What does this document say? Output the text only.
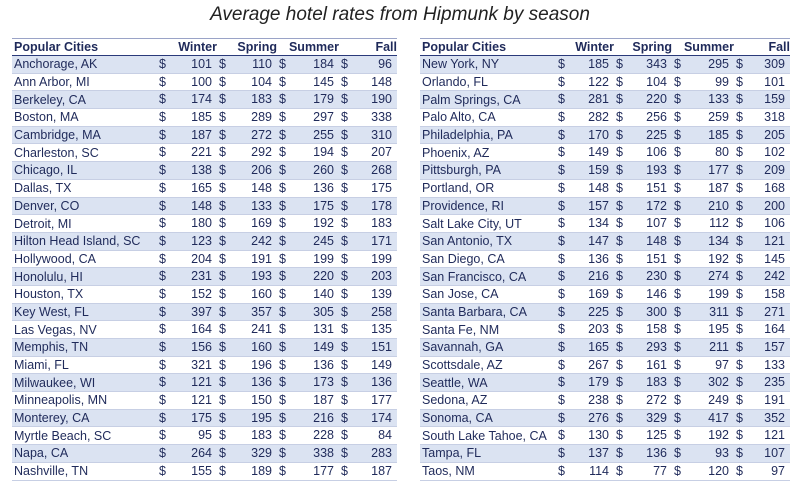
Average hotel rates from Hipmunk by season
Popular Cities	Winter	Spring	Summer	Fall
Anchorage, AK	$ 101	$ 110	$ 184	$ 96

Ann Arbor, MI	$ 100	$ 104	$ 145	$ 148

Berkeley, CA	$ 174	$ 183	$ 179	$ 190

Boston, MA	$ 185	$ 289	$ 297	$ 338

Cambridge, MA	$ 187	$ 272	$ 255	$ 310

Charleston, SC	$ 221	$ 292	$ 194	$ 207

Chicago, IL	$ 138	$ 206	$ 260	$ 268

Dallas, TX	$ 165	$ 148	$ 136	$ 175

Denver, CO	$ 148	$ 133	$ 175	$ 178

Detroit, MI	$ 180	$ 169	$ 192	$ 183

Hilton Head Island, SC	$ 123	$ 242	$ 245	$ 171

Hollywood, CA	$ 204	$ 191	$ 199	$ 199

Honolulu, HI	$ 231	$ 193	$ 220	$ 203

Houston, TX	$ 152	$ 160	$ 140	$ 139

Key West, FL	$ 397	$ 357	$ 305	$ 258

Las Vegas, NV	$ 164	$ 241	$ 131	$ 135

Memphis, TN	$ 156	$ 160	$ 149	$ 151

Miami, FL	$ 321	$ 196	$ 136	$ 149

Milwaukee, WI	$ 121	$ 136	$ 173	$ 136

Minneapolis, MN	$ 121	$ 150	$ 187	$ 177

Monterey, CA	$ 175	$ 195	$ 216	$ 174

Myrtle Beach, SC	$ 95	$ 183	$ 228	$ 84

Napa, CA	$ 264	$ 329	$ 338	$ 283

Nashville, TN	$ 155	$ 189	$ 177	$ 187
Popular Cities	Winter	Spring	Summer	Fall
New York, NY	$ 185	$ 343	$ 295	$ 309

Orlando, FL	$ 122	$ 104	$ 99	$ 101

Palm Springs, CA	$ 281	$ 220	$ 133	$ 159

Palo Alto, CA	$ 282	$ 256	$ 259	$ 318

Philadelphia, PA	$ 170	$ 225	$ 185	$ 205

Phoenix, AZ	$ 149	$ 106	$ 80	$ 102

Pittsburgh, PA	$ 159	$ 193	$ 177	$ 209

Portland, OR	$ 148	$ 151	$ 187	$ 168

Providence, RI	$ 157	$ 172	$ 210	$ 200

Salt Lake City, UT	$ 134	$ 107	$ 112	$ 106

San Antonio, TX	$ 147	$ 148	$ 134	$ 121

San Diego, CA	$ 136	$ 151	$ 192	$ 145

San Francisco, CA	$ 216	$ 230	$ 274	$ 242

San Jose, CA	$ 169	$ 146	$ 199	$ 158

Santa Barbara, CA	$ 225	$ 300	$ 311	$ 271

Santa Fe, NM	$ 203	$ 158	$ 195	$ 164

Savannah, GA	$ 165	$ 293	$ 211	$ 157

Scottsdale, AZ	$ 267	$ 161	$ 97	$ 133

Seattle, WA	$ 179	$ 183	$ 302	$ 235

Sedona, AZ	$ 238	$ 272	$ 249	$ 191

Sonoma, CA	$ 276	$ 329	$ 417	$ 352

South Lake Tahoe, CA	$ 130	$ 125	$ 192	$ 121

Tampa, FL	$ 137	$ 136	$ 93	$ 107

Taos, NM	$ 114	$ 77	$ 120	$ 97
